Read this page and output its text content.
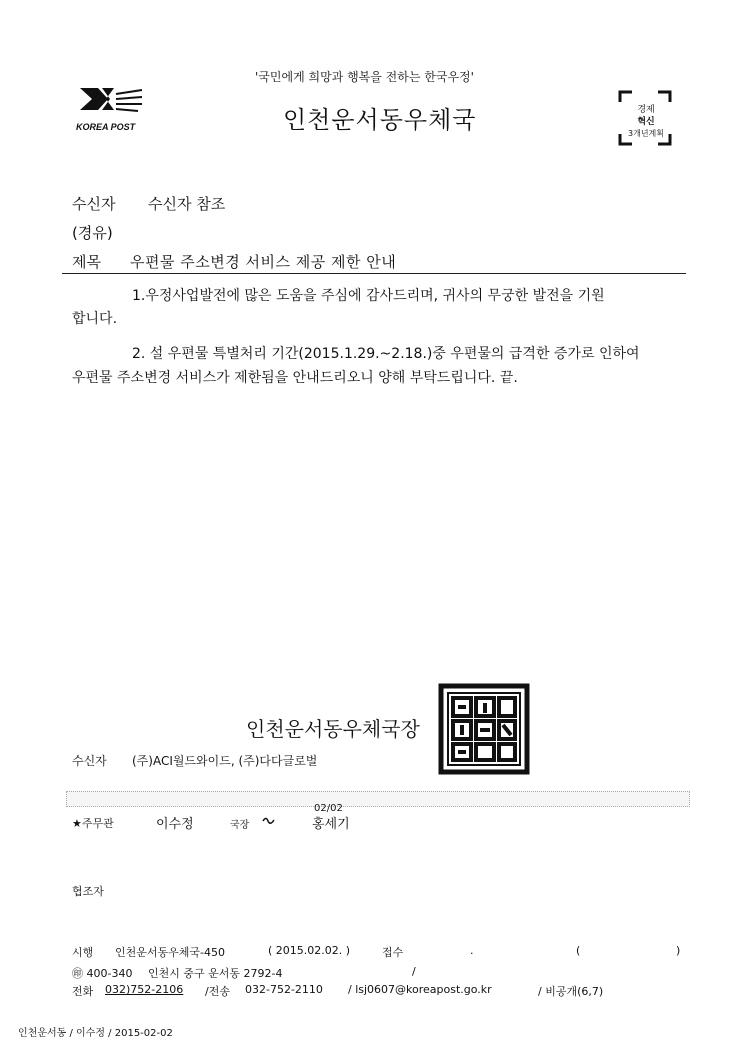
'국민에게 희망과 행복을 전하는 한국우정'
KOREA POST	인천운서동우체국	경제
혁신
3개년계획
수신자 수신자 참조
(경유)
제목 우편물 주소변경 서비스 제공 제한 안내
1.우정사업발전에 많은 도움을 주심에 감사드리며, 귀사의 무궁한 발전을 기원
합니다.
2. 설 우편물 특별처리 기간(2015.1.29.~2.18.)중 우편물의 급격한 증가로 인하여
우편물 주소변경 서비스가 제한됨을 안내드리오니 양해 부탁드립니다. 끝.
인천운서동우체국장
수신자 (주)ACI월드와이드, (주)다다글로벌
02/02
★주무관	이수정	국장	홍세기
협조자
시행 인천운서동우체국-450	( 2015.02.02. )	접수	.	(	)
㊞ 400-340 인천시 중구 운서동 2792-4	/
전화 032)752-2106 /전송 032-752-2110 / lsj0607@koreapost.go.kr	/ 비공개(6,7)
인천운서동 / 이수정 / 2015-02-02
